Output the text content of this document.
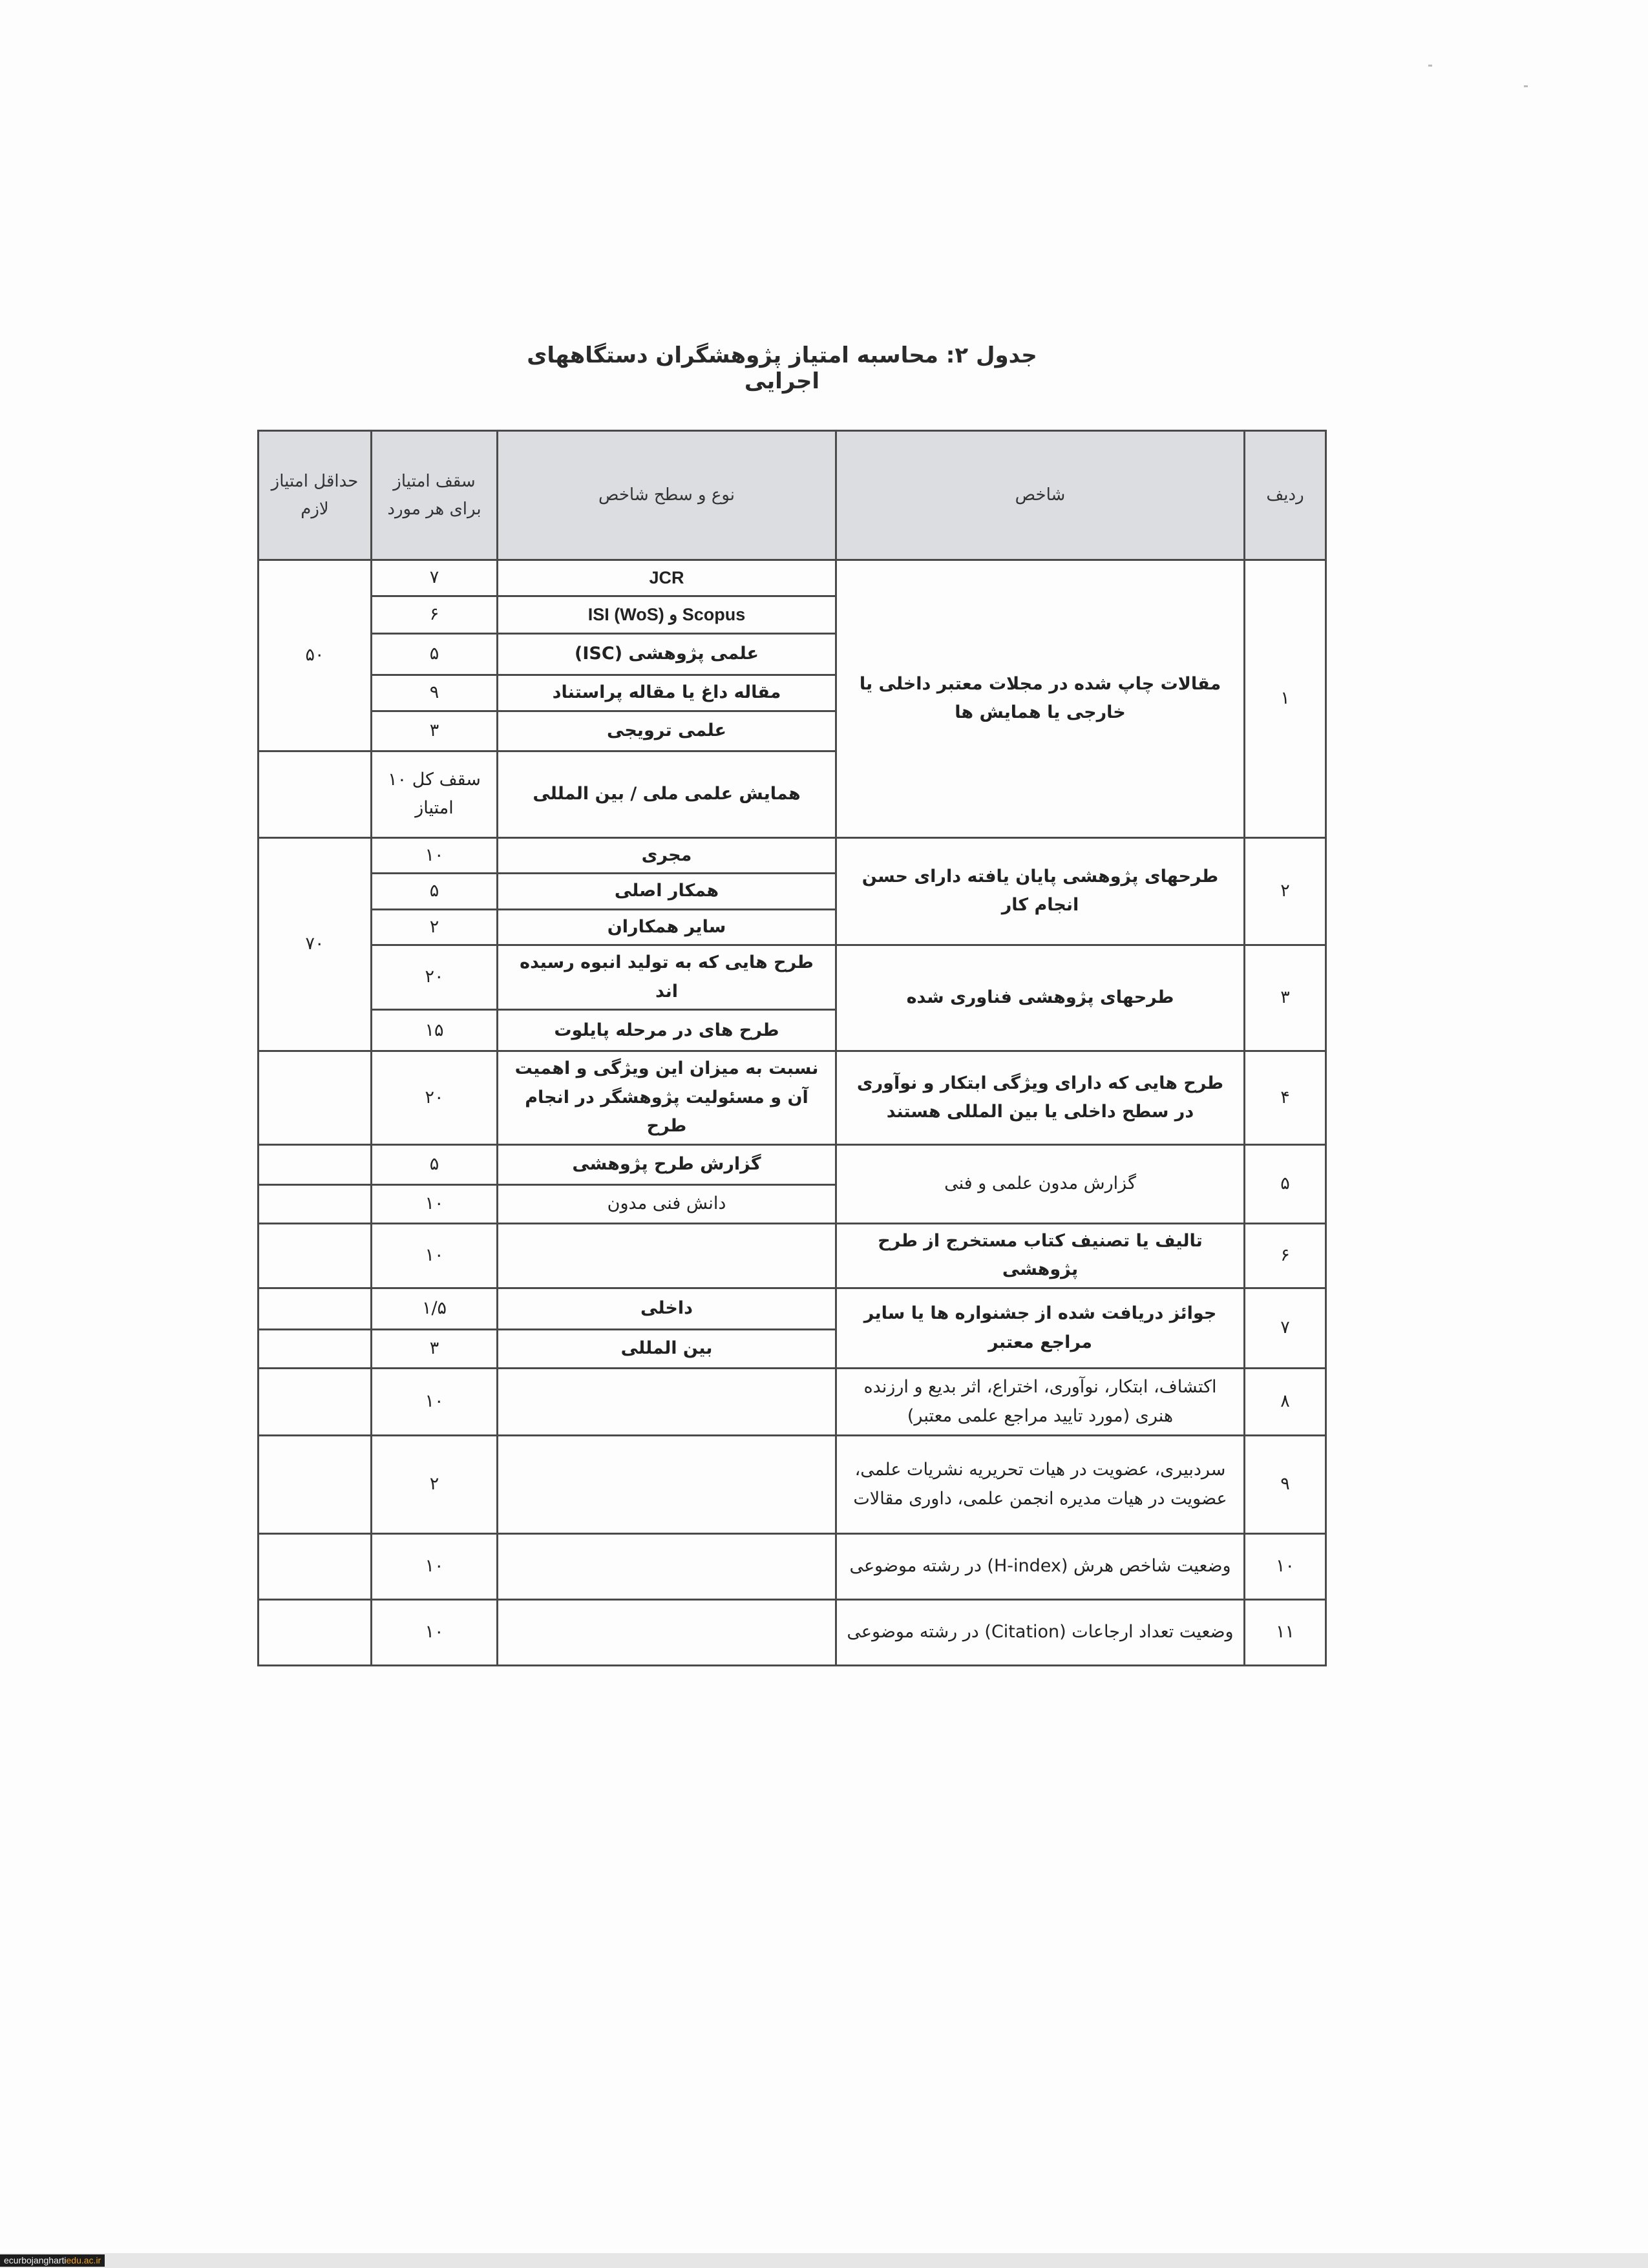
جدول ۲: محاسبه امتیاز پژوهشگران دستگاههای اجرایی
ردیف	شاخص	نوع و سطح شاخص	سقف امتیاز برای هر مورد	حداقل امتیاز لازم
۱	مقالات چاپ شده در مجلات معتبر داخلی یا خارجی یا همایش ها	JCR	۷	۵۰
		Scopus و ISI (WoS)	۶	
		علمی پژوهشی (ISC)	۵	
		مقاله داغ یا مقاله پراستناد	۹	
		علمی ترویجی	۳	
		همایش علمی ملی / بین المللی	سقف کل ۱۰ امتیاز	
۲	طرحهای پژوهشی پایان یافته دارای حسن انجام کار	مجری	۱۰	۷۰
		همکار اصلی	۵	
		سایر همکاران	۲	
۳	طرحهای پژوهشی فناوری شده	طرح هایی که به تولید انبوه رسیده اند	۲۰	
		طرح های در مرحله پایلوت	۱۵	
۴	طرح هایی که دارای ویژگی ابتکار و نوآوری در سطح داخلی یا بین المللی هستند	نسبت به میزان این ویژگی و اهمیت آن و مسئولیت پژوهشگر در انجام طرح	۲۰	
۵	گزارش مدون علمی و فنی	گزارش طرح پژوهشی	۵	
		دانش فنی مدون	۱۰	
۶	تالیف یا تصنیف کتاب مستخرج از طرح پژوهشی		۱۰	
۷	جوائز دریافت شده از جشنواره ها یا سایر مراجع معتبر	داخلی	۱/۵	
		بین المللی	۳	
۸	اکتشاف، ابتکار، نوآوری، اختراع، اثر بدیع و ارزنده هنری (مورد تایید مراجع علمی معتبر)		۱۰	
۹	سردبیری، عضویت در هیات تحریریه نشریات علمی، عضویت در هیات مدیره انجمن علمی، داوری مقالات		۲	
۱۰	وضعیت شاخص هرش (H-index) در رشته موضوعی		۱۰	
۱۱	وضعیت تعداد ارجاعات (Citation) در رشته موضوعی		۱۰	
ecurbojanghartiedu.ac.ir
